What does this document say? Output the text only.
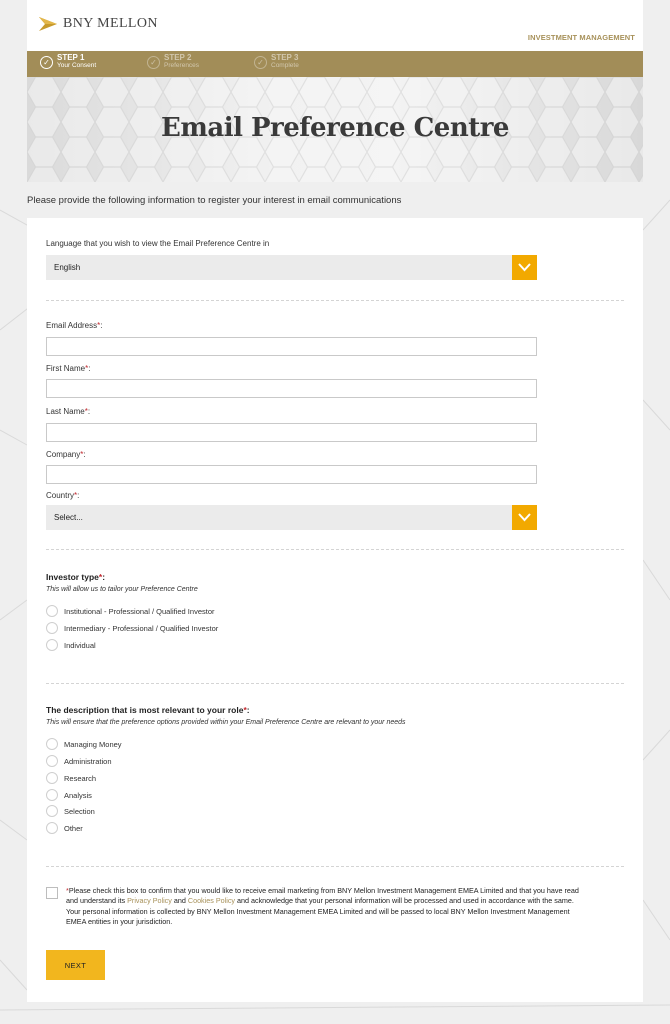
BNY MELLON
INVESTMENT MANAGEMENT
✓ STEP 1
Your Consent	✓ STEP 2
Preferences	✓ STEP 3
Complete
Email Preference Centre
Please provide the following information to register your interest in email communications
Language that you wish to view the Email Preference Centre in
English
Email Address*:
First Name*:
Last Name*:
Company*:
Country*:
Select...
Investor type*:
This will allow us to tailor your Preference Centre
Institutional - Professional / Qualified Investor
Intermediary - Professional / Qualified Investor
Individual
The description that is most relevant to your role*:
This will ensure that the preference options provided within your Email Preference Centre are relevant to your needs
Managing Money
Administration
Research
Analysis
Selection
Other
*Please check this box to confirm that you would like to receive email marketing from BNY Mellon Investment Management EMEA Limited and that you have read and understand its Privacy Policy and Cookies Policy and acknowledge that your personal information will be processed and used in accordance with the same. Your personal information is collected by BNY Mellon Investment Management EMEA Limited and will be passed to local BNY Mellon Investment Management EMEA entities in your jurisdiction.
NEXT
